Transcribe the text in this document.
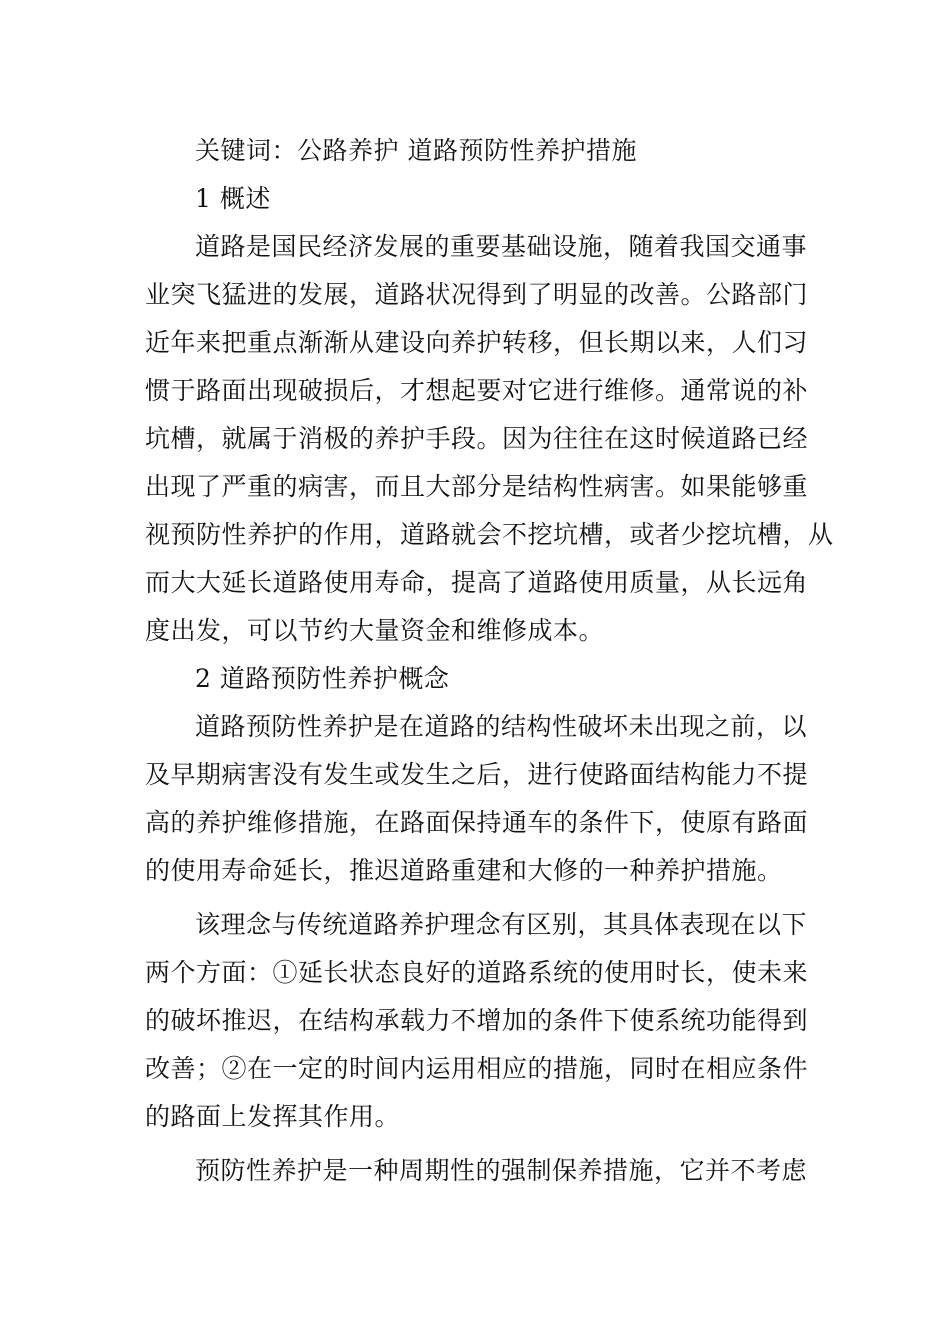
关键词：公路养护 道路预防性养护措施
1 概述
道路是国民经济发展的重要基础设施，随着我国交通事
业突飞猛进的发展，道路状况得到了明显的改善。公路部门
近年来把重点渐渐从建设向养护转移，但长期以来，人们习
惯于路面出现破损后，才想起要对它进行维修。通常说的补
坑槽，就属于消极的养护手段。因为往往在这时候道路已经
出现了严重的病害，而且大部分是结构性病害。如果能够重
视预防性养护的作用，道路就会不挖坑槽，或者少挖坑槽，从
而大大延长道路使用寿命，提高了道路使用质量，从长远角
度出发，可以节约大量资金和维修成本。
2 道路预防性养护概念
道路预防性养护是在道路的结构性破坏未出现之前，以
及早期病害没有发生或发生之后，进行使路面结构能力不提
高的养护维修措施，在路面保持通车的条件下，使原有路面
的使用寿命延长，推迟道路重建和大修的一种养护措施。
该理念与传统道路养护理念有区别，其具体表现在以下
两个方面：①延长状态良好的道路系统的使用时长，使未来
的破坏推迟，在结构承载力不增加的条件下使系统功能得到
改善；②在一定的时间内运用相应的措施，同时在相应条件
的路面上发挥其作用。
预防性养护是一种周期性的强制保养措施，它并不考虑
